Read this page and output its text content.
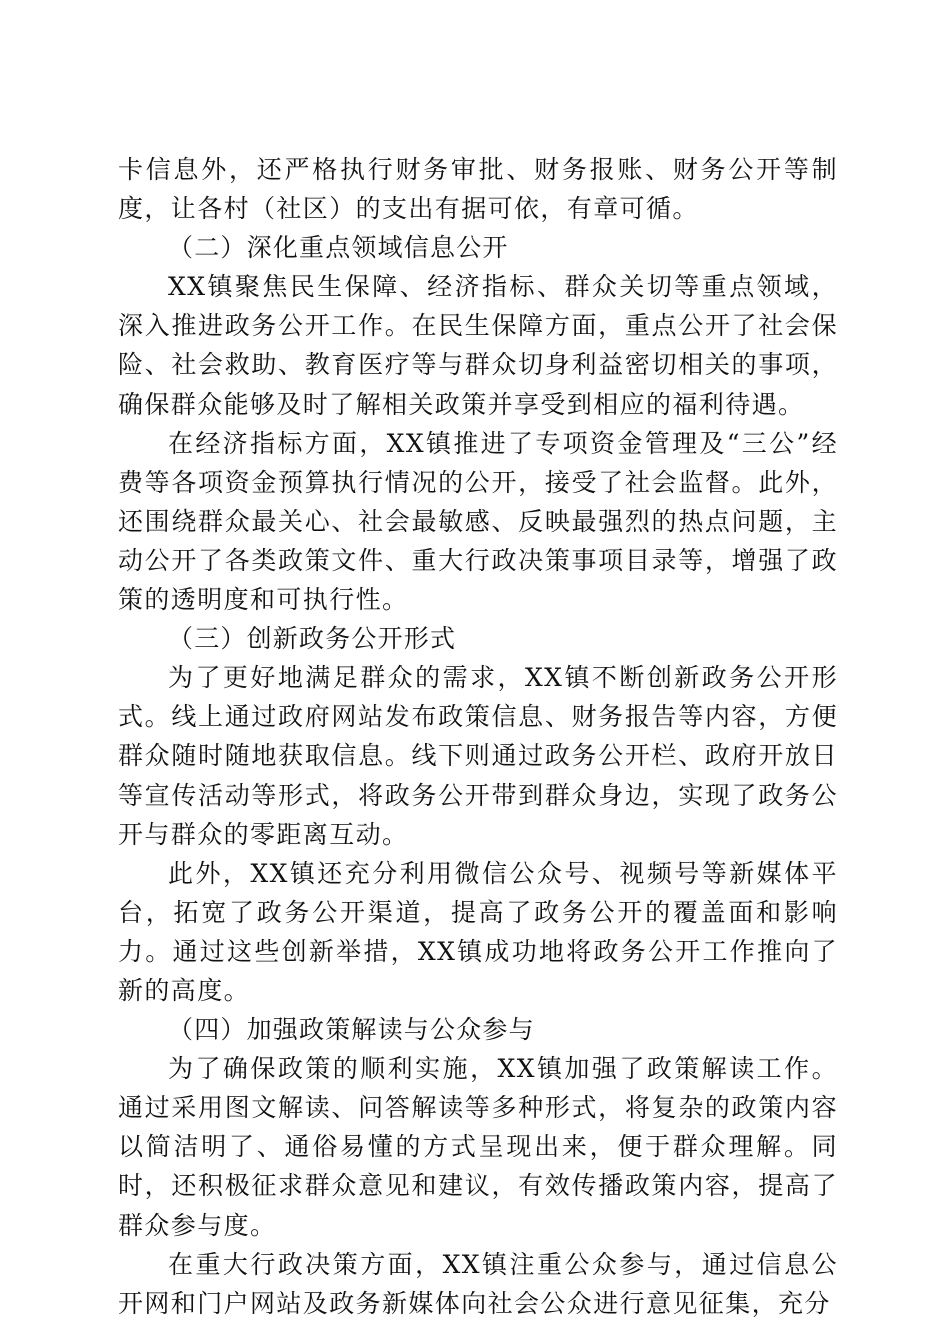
卡信息外，还严格执行财务审批、财务报账、财务公开等制度，让各村（社区）的支出有据可依，有章可循。

（二）深化重点领域信息公开

XX镇聚焦民生保障、经济指标、群众关切等重点领域，深入推进政务公开工作。在民生保障方面，重点公开了社会保险、社会救助、教育医疗等与群众切身利益密切相关的事项，确保群众能够及时了解相关政策并享受到相应的福利待遇。

在经济指标方面，XX镇推进了专项资金管理及“三公”经费等各项资金预算执行情况的公开，接受了社会监督。此外，还围绕群众最关心、社会最敏感、反映最强烈的热点问题，主动公开了各类政策文件、重大行政决策事项目录等，增强了政策的透明度和可执行性。

（三）创新政务公开形式

为了更好地满足群众的需求，XX镇不断创新政务公开形式。线上通过政府网站发布政策信息、财务报告等内容，方便群众随时随地获取信息。线下则通过政务公开栏、政府开放日等宣传活动等形式，将政务公开带到群众身边，实现了政务公开与群众的零距离互动。

此外，XX镇还充分利用微信公众号、视频号等新媒体平台，拓宽了政务公开渠道，提高了政务公开的覆盖面和影响力。通过这些创新举措，XX镇成功地将政务公开工作推向了新的高度。

（四）加强政策解读与公众参与

为了确保政策的顺利实施，XX镇加强了政策解读工作。通过采用图文解读、问答解读等多种形式，将复杂的政策内容以简洁明了、通俗易懂的方式呈现出来，便于群众理解。同时，还积极征求群众意见和建议，有效传播政策内容，提高了群众参与度。

在重大行政决策方面，XX镇注重公众参与，通过信息公开网和门户网站及政务新媒体向社会公众进行意见征集，充分
